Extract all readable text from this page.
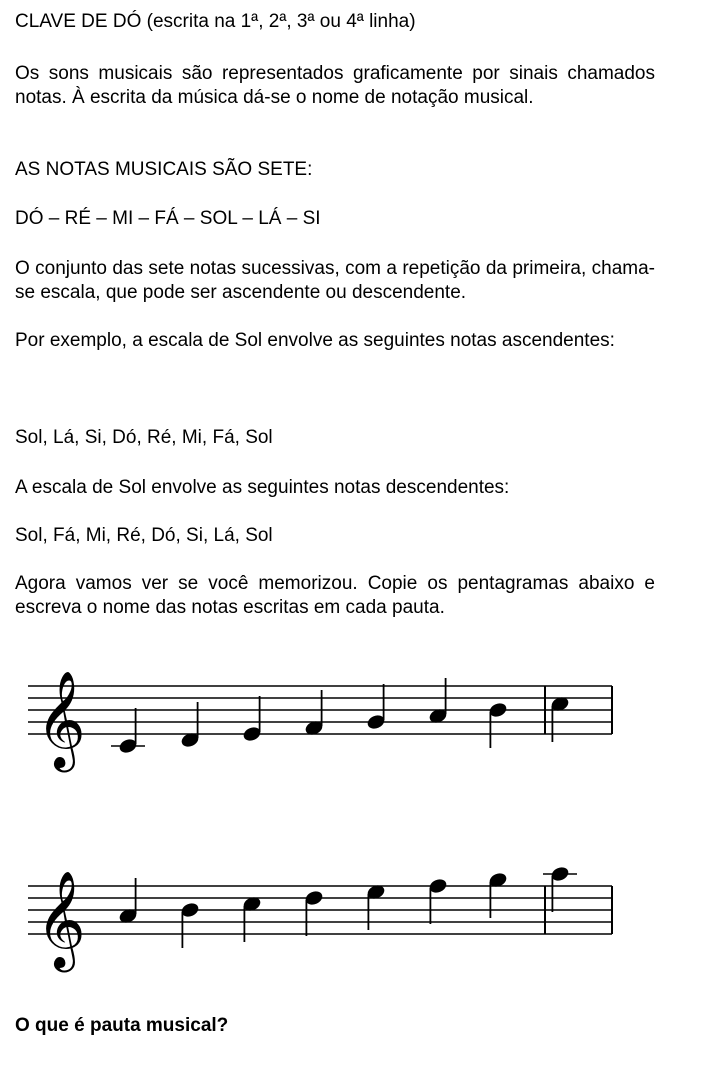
CLAVE DE DÓ (escrita na 1ª, 2ª, 3ª ou 4ª linha)

Os sons musicais são representados graficamente por sinais chamados notas. À escrita da música dá-se o nome de notação musical.

AS NOTAS MUSICAIS SÃO SETE:

DÓ – RÉ – MI – FÁ – SOL – LÁ – SI

O conjunto das sete notas sucessivas, com a repetição da primeira, chama-se escala, que pode ser ascendente ou descendente.

Por exemplo, a escala de Sol envolve as seguintes notas ascendentes:

Sol, Lá, Si, Dó, Ré, Mi, Fá, Sol

A escala de Sol envolve as seguintes notas descendentes:

Sol, Fá, Mi, Ré, Dó, Si, Lá, Sol

Agora vamos ver se você memorizou. Copie os pentagramas abaixo e escreva o nome das notas escritas em cada pauta.

𝄞
𝄞

O que é pauta musical?
